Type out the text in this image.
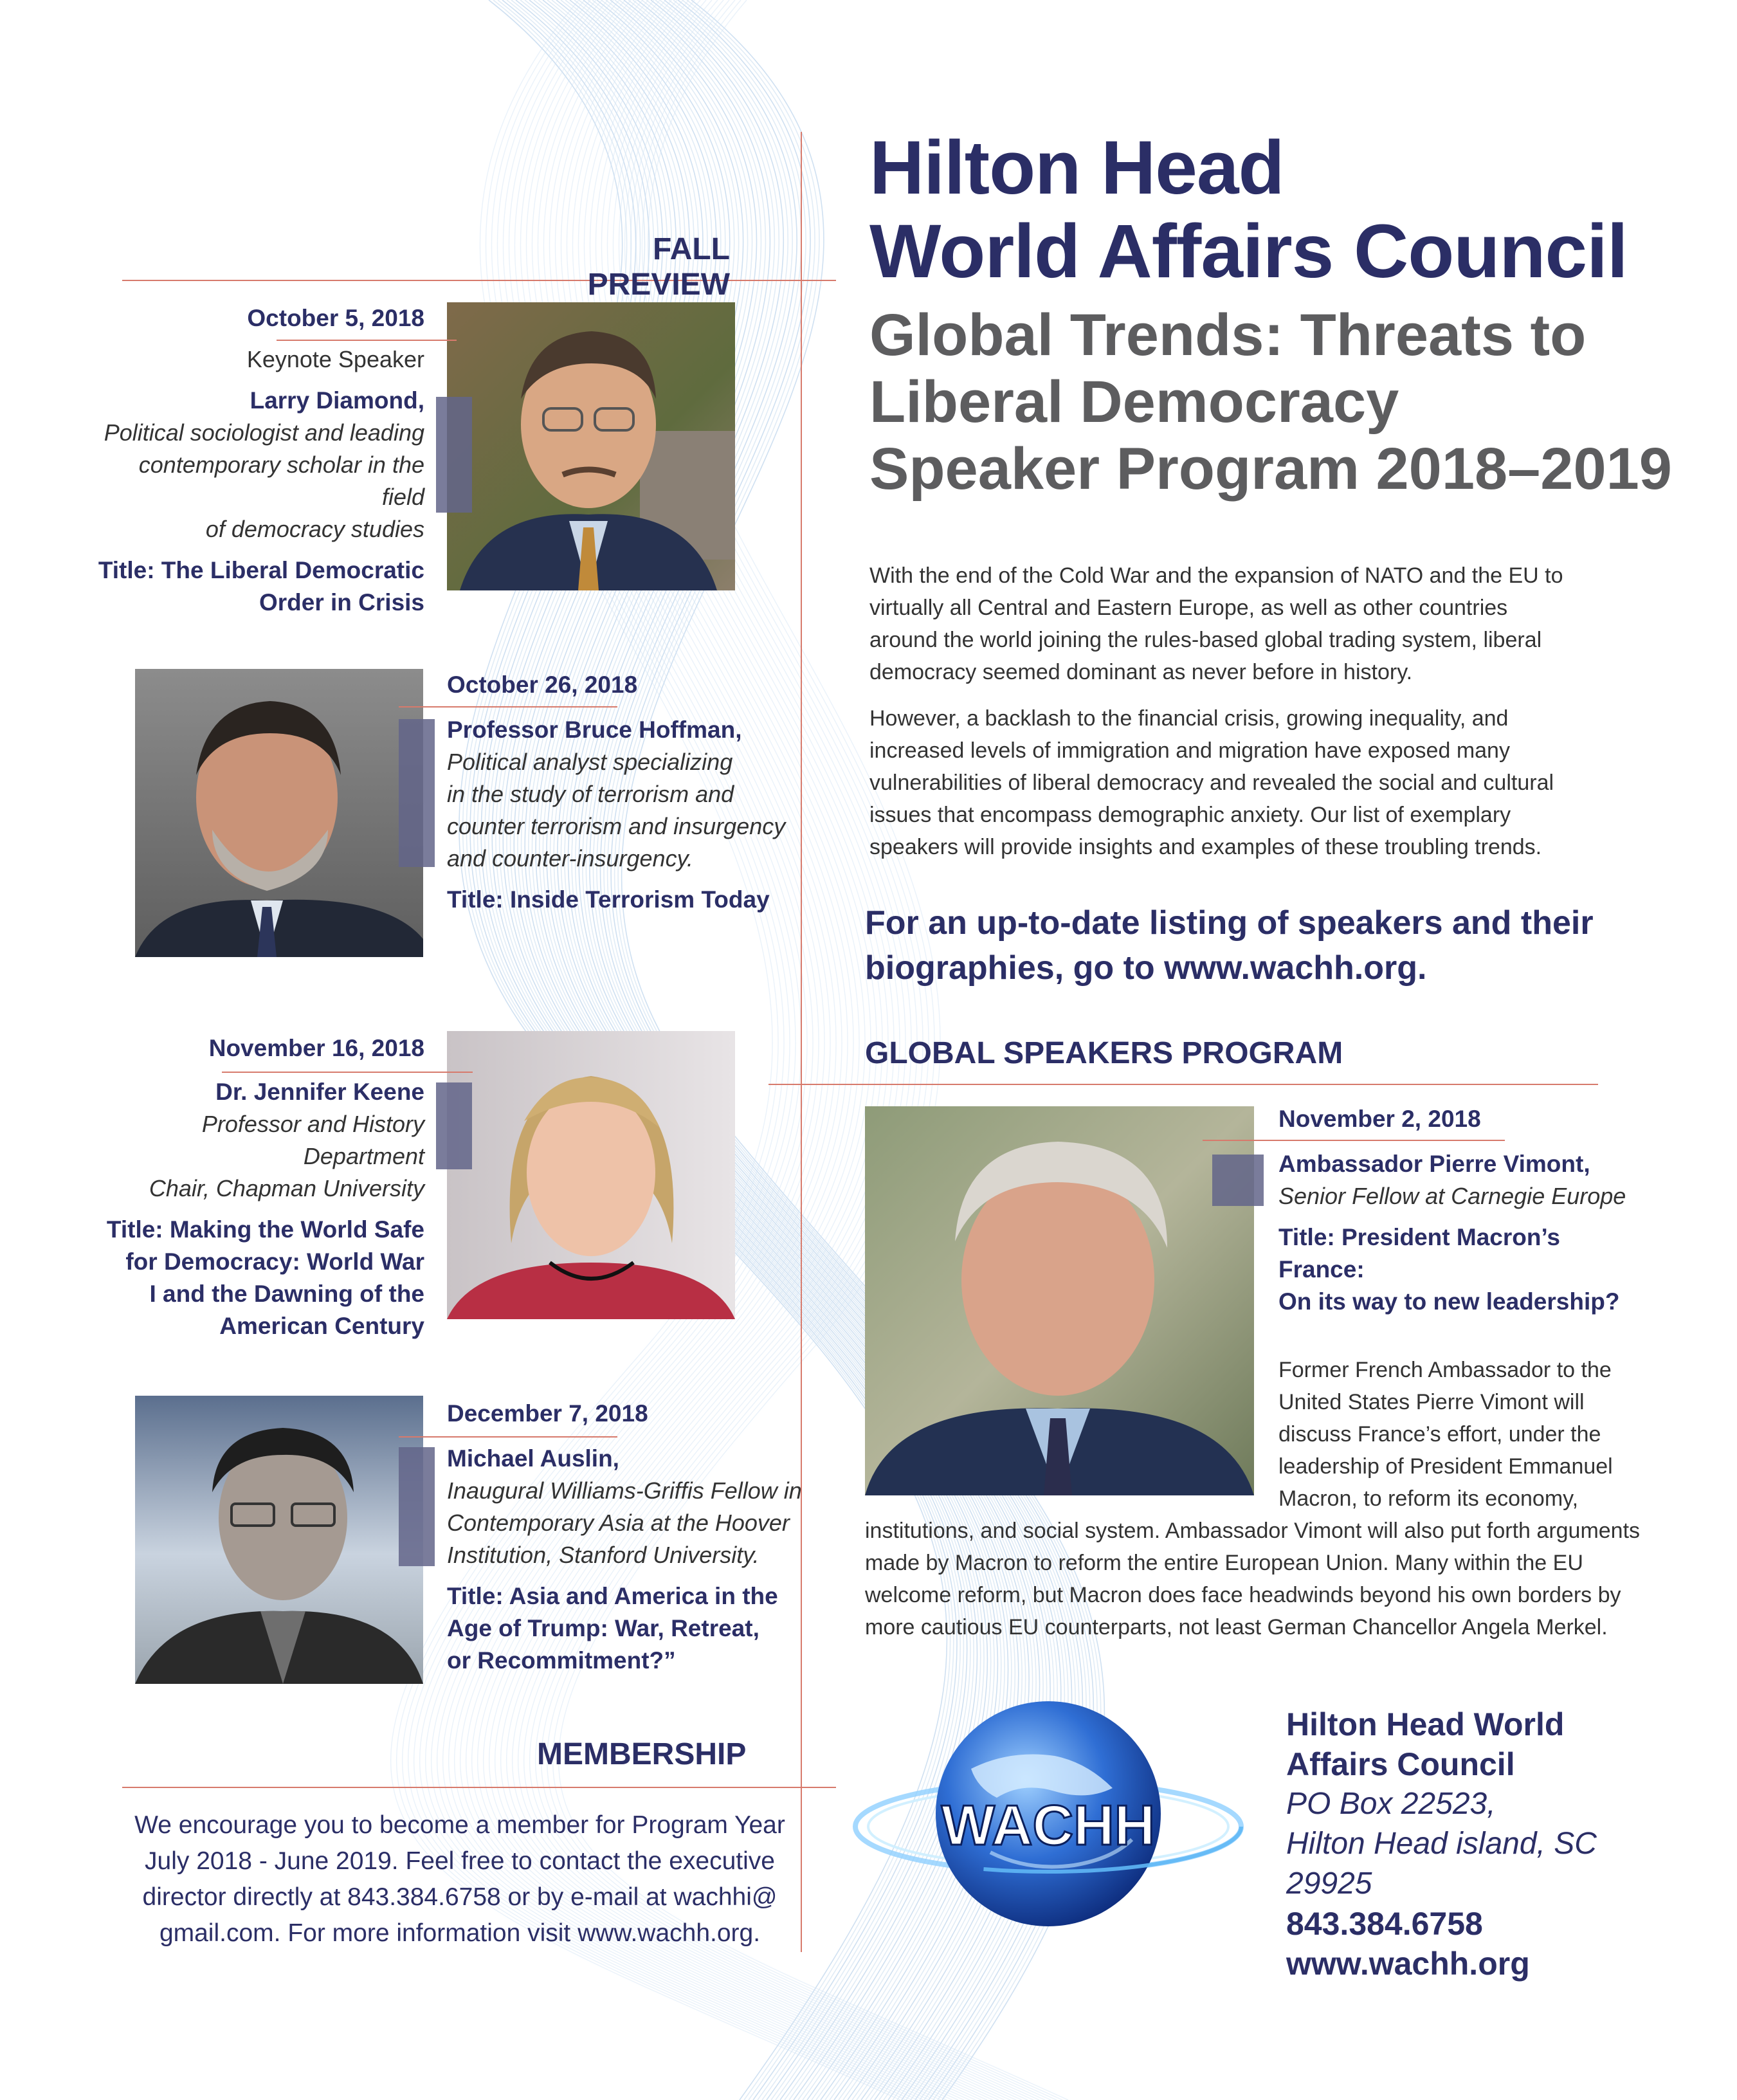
FALL PREVIEW
October 5, 2018
Keynote Speaker
Larry Diamond,
Political sociologist and leading
contemporary scholar in the field
of democracy studies
Title: The Liberal Democratic
Order in Crisis
October 26, 2018
Professor Bruce Hoffman,
Political analyst specializing
in the study of terrorism and
counter terrorism and insurgency
and counter-insurgency.
Title: Inside Terrorism Today
November 16, 2018
Dr. Jennifer Keene
Professor and History Department
Chair, Chapman University
Title: Making the World Safe
for Democracy: World War
I and the Dawning of the
American Century
December 7, 2018
Michael Auslin,
Inaugural Williams-Griffis Fellow in
Contemporary Asia at the Hoover
Institution, Stanford University.
Title: Asia and America in the
Age of Trump: War, Retreat,
or Recommitment?”
MEMBERSHIP
We encourage you to become a member for Program Year
July 2018 - June 2019. Feel free to contact the executive
director directly at 843.384.6758 or by e-mail at wachhi@
gmail.com. For more information visit www.wachh.org.
Hilton Head
World Affairs Council
Global Trends: Threats to
Liberal Democracy
Speaker Program 2018–2019

With the end of the Cold War and the expansion of NATO and the EU to virtually all Central and Eastern Europe, as well as other countries around the world joining the rules-based global trading system, liberal democracy seemed dominant as never before in history.

However, a backlash to the financial crisis, growing inequality, and increased levels of immigration and migration have exposed many vulnerabilities of liberal democracy and revealed the social and cultural issues that encompass demographic anxiety. Our list of exemplary speakers will provide insights and examples of these troubling trends.

For an up-to-date listing of speakers and their
biographies, go to www.wachh.org.
GLOBAL SPEAKERS PROGRAM
November 2, 2018
Ambassador Pierre Vimont,
Senior Fellow at Carnegie Europe
Title: President Macron’s France:
On its way to new leadership?
Former French Ambassador to the
United States Pierre Vimont will
discuss France’s effort, under the
leadership of President Emmanuel
Macron, to reform its economy,
institutions, and social system. Ambassador Vimont will also put forth arguments
made by Macron to reform the entire European Union. Many within the EU
welcome reform, but Macron does face headwinds beyond his own borders by
more cautious EU counterparts, not least German Chancellor Angela Merkel.
WACHH
Hilton Head World
Affairs Council
PO Box 22523,
Hilton Head island, SC 29925
843.384.6758
www.wachh.org
